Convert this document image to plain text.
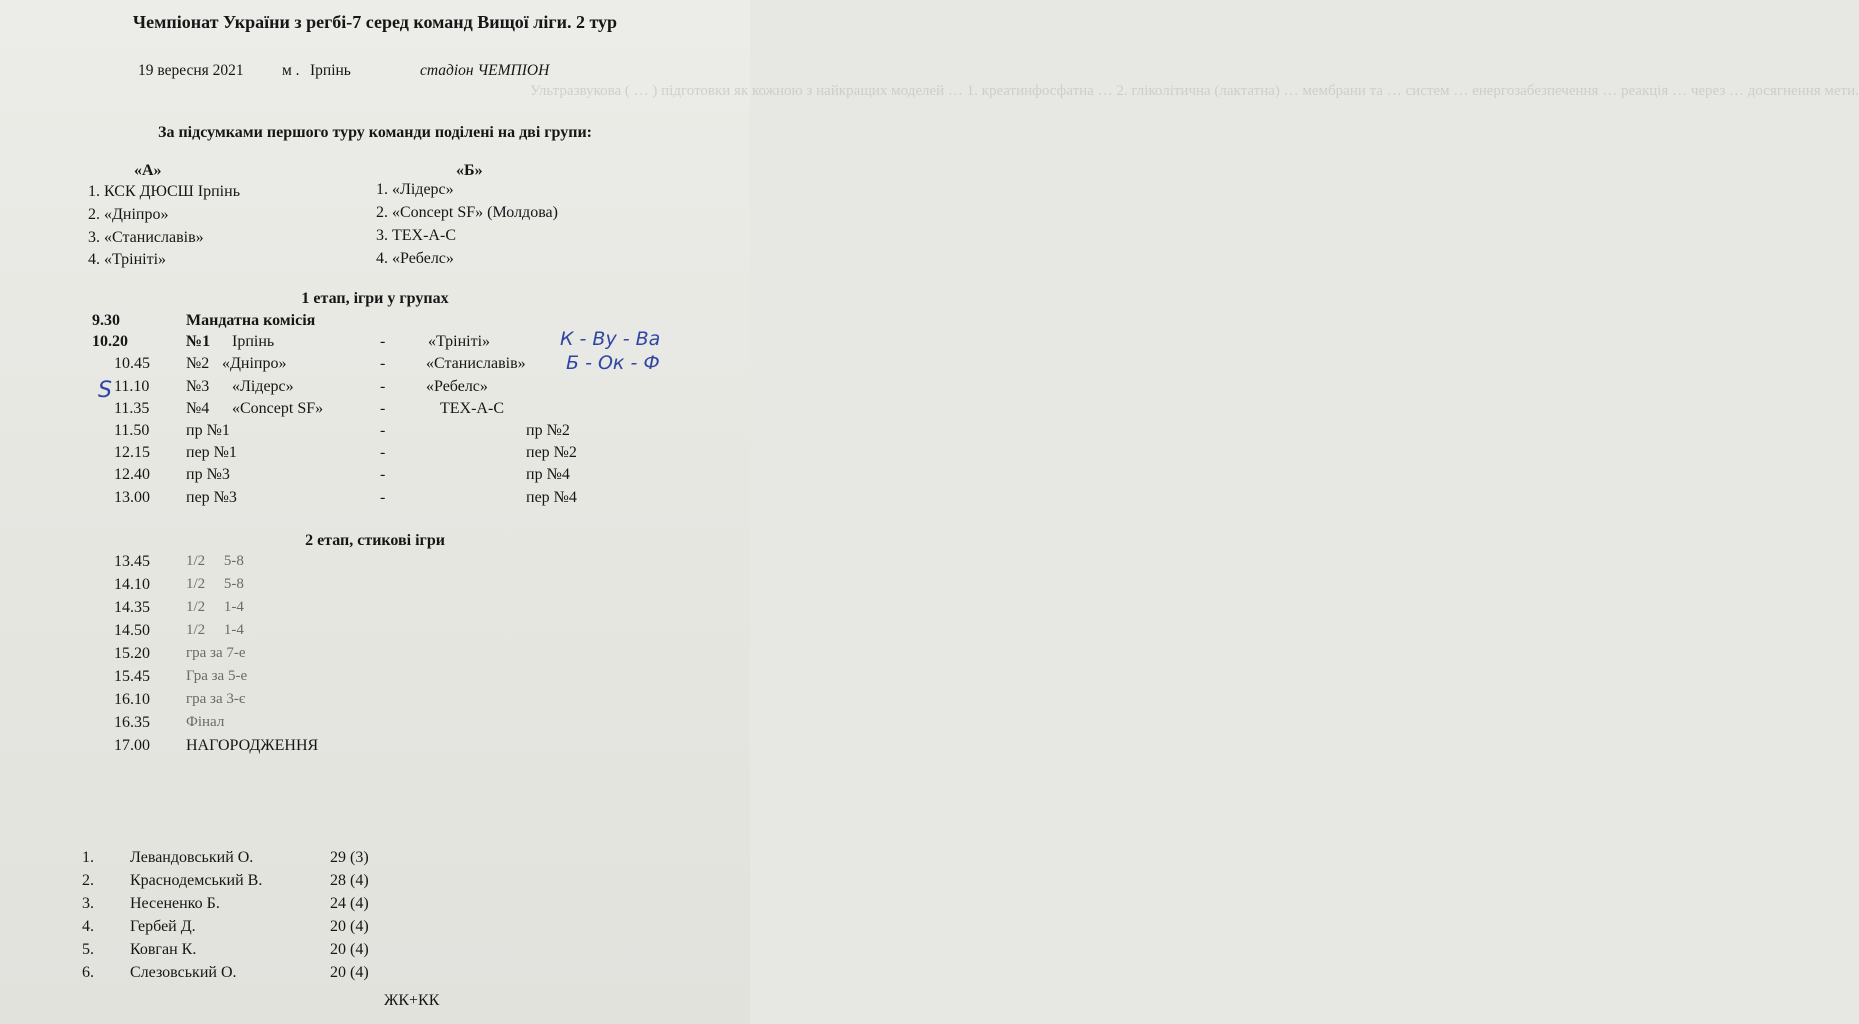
Ультразвукова ( … ) підготовки як кожною з найкращих моделей … 1. креатинфосфатна … 2. гліколітична (лактатна) … мембрани та … систем … енергозабезпечення … реакція … через … досягнення мети.
Чемпіонат України з регбі-7 серед команд Вищої ліги. 2 тур
19 вересня 2021 м . Ірпінь	стадіон ЧЕМПІОН
За підсумками першого туру команди поділені на дві групи:
«А»	«Б»
1. КСК ДЮСШ Ірпінь
2. «Дніпро»
3. «Станиславів»
4. «Трініті»
1. «Лідерс»
2. «Concept SF» (Молдова)
3. ТЕХ-А-С
4. «Ребелс»
1 етап, ігри у групах
9.30	Мандатна комісія
10.20	№1 Ірпінь	-	«Трініті»
10.45 №2 «Дніпро»	-	«Станиславів»
11.10 №3 «Лідерс»	-	«Ребелс»
11.35 №4 «Concept SF»	-	ТЕХ-А-С
11.50 пр №1	-	пр №2
12.15 пер №1	-	пер №2
12.40 пр №3	-	пр №4
13.00 пер №3	-	пер №4
К - Ву - Ва
Б - Ок - Ф
S
2 етап, стикові ігри
13.45 1/2     5-8
14.10 1/2     5-8
14.35 1/2     1-4
14.50 1/2     1-4
15.20 гра за 7-е
15.45 Гра за 5-е
16.10 гра за 3-є
16.35 Фінал
17.00 НАГОРОДЖЕННЯ
1. Левандовський О.	29 (3)
2. Краснодемський В.	28 (4)
3. Несененко Б.	24 (4)
4. Гербей Д.	20 (4)
5. Ковган К.	20 (4)
6. Слезовський О.	20 (4)
ЖК+КК
